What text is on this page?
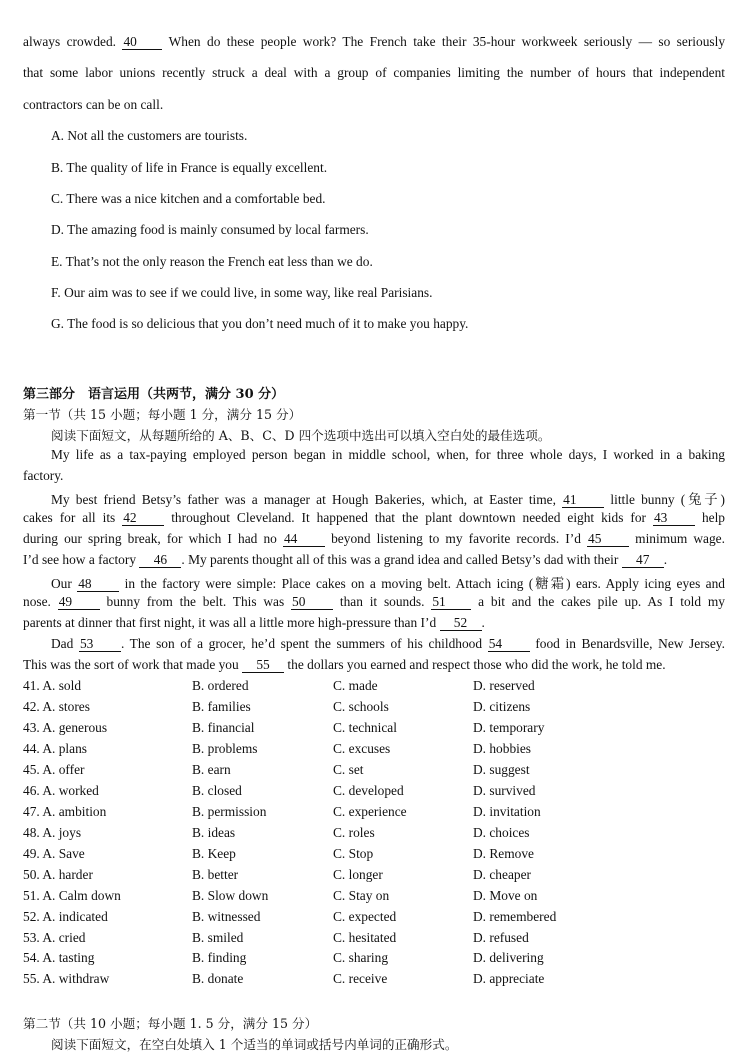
always crowded. 40 When do these people work? The French take their 35-hour workweek seriously — so seriously
that some labor unions recently struck a deal with a group of companies limiting the number of hours that independent
contractors can be on call.
A. Not all the customers are tourists.
B. The quality of life in France is equally excellent.
C. There was a nice kitchen and a comfortable bed.
D. The amazing food is mainly consumed by local farmers.
E. That’s not the only reason the French eat less than we do.
F. Our aim was to see if we could live, in some way, like real Parisians.
G. The food is so delicious that you don’t need much of it to make you happy.
第三部分　语言运用（共两节，满分 30 分）
第一节（共 15 小题；每小题 1 分，满分 15 分）
阅读下面短文，从每题所给的 A、B、C、D 四个选项中选出可以填入空白处的最佳选项。
My life as a tax-paying employed person began in middle school, when, for three whole days, I worked in a baking
factory.
My best friend Betsy’s father was a manager at Hough Bakeries, which, at Easter time, 41	little bunny (兔子)
cakes for all its 42	throughout Cleveland. It happened that the plant downtown needed eight kids for 43	help
during our spring break, for which I had no 44	beyond listening to my favorite records. I’d 45	minimum wage.
I’d see how a factory 46 . My parents thought all of this was a grand idea and called Betsy’s dad with their 47 .
Our 48 in the factory were simple: Place cakes on a moving belt. Attach icing (糖霜) ears. Apply icing eyes and
nose. 49	bunny from the belt. This was 50	than it sounds. 51 a bit and the cakes pile up. As I told my
parents at dinner that first night, it was all a little more high-pressure than I’d 52 .
Dad 53 . The son of a grocer, he’d spent the summers of his childhood 54 food in Benardsville, New Jersey.
This was the sort of work that made you 55 the dollars you earned and respect those who did the work, he told me.
41. A. sold	B. ordered	C. made	D. reserved
42. A. stores	B. families	C. schools	D. citizens
43. A. generous	B. financial	C. technical	D. temporary
44. A. plans	B. problems	C. excuses	D. hobbies
45. A. offer	B. earn	C. set	D. suggest
46. A. worked	B. closed	C. developed	D. survived
47. A. ambition	B. permission	C. experience	D. invitation
48. A. joys	B. ideas	C. roles	D. choices
49. A. Save	B. Keep	C. Stop	D. Remove
50. A. harder	B. better	C. longer	D. cheaper
51. A. Calm down	B. Slow down	C. Stay on	D. Move on
52. A. indicated	B. witnessed	C. expected	D. remembered
53. A. cried	B. smiled	C. hesitated	D. refused
54. A. tasting	B. finding	C. sharing	D. delivering
55. A. withdraw	B. donate	C. receive	D. appreciate
第二节（共 10 小题；每小题 1. 5 分，满分 15 分）
阅读下面短文，在空白处填入 1 个适当的单词或括号内单词的正确形式。
